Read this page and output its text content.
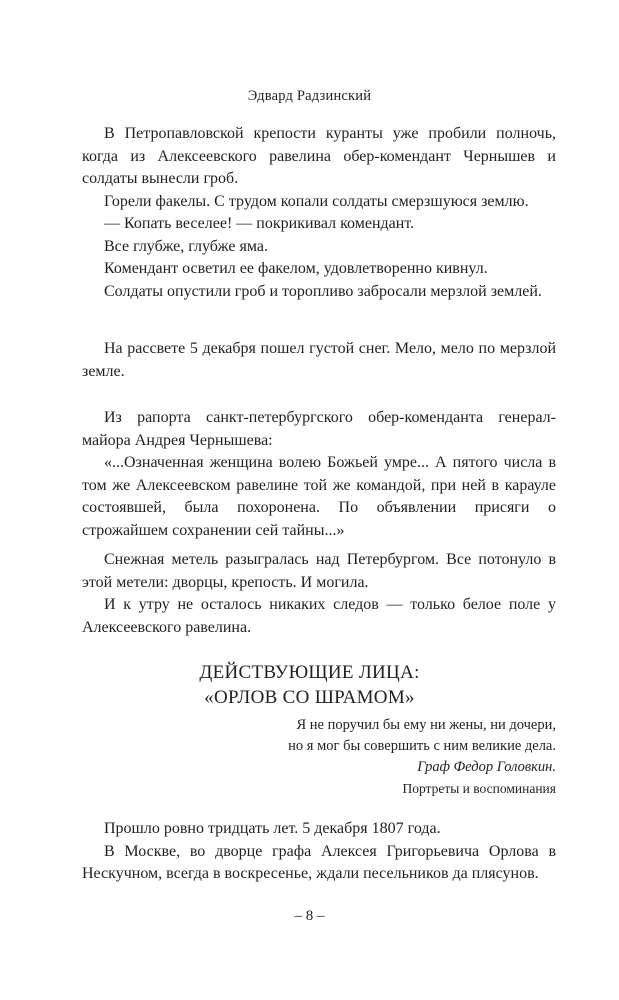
Эдвард Радзинский

В Петропавловской крепости куранты уже пробили полночь, когда из Алексеевского равелина обер-комендант Чернышев и солдаты вынесли гроб.

Горели факелы. С трудом копали солдаты смерзшуюся землю.

— Копать веселее! — покрикивал комендант.

Все глубже, глубже яма.

Комендант осветил ее факелом, удовлетворенно кивнул.

Солдаты опустили гроб и торопливо забросали мерзлой землей.

На рассвете 5 декабря пошел густой снег. Мело, мело по мерзлой земле.

Из рапорта санкт-петербургского обер-коменданта генерал-майора Андрея Чернышева:

«...Означенная женщина волею Божьей умре... А пятого числа в том же Алексеевском равелине той же командой, при ней в карауле состоявшей, была похоронена. По объявлении присяги о строжайшем сохранении сей тайны...»

Снежная метель разыгралась над Петербургом. Все потонуло в этой метели: дворцы, крепость. И могила.

И к утру не осталось никаких следов — только белое поле у Алексеевского равелина.

ДЕЙСТВУЮЩИЕ ЛИЦА:
«ОРЛОВ СО ШРАМОМ»
Я не поручил бы ему ни жены, ни дочери,
но я мог бы совершить с ним великие дела.
Граф Федор Головкин.
Портреты и воспоминания

Прошло ровно тридцать лет. 5 декабря 1807 года.

В Москве, во дворце графа Алексея Григорьевича Орлова в Нескучном, всегда в воскресенье, ждали песельников да плясунов.

– 8 –
